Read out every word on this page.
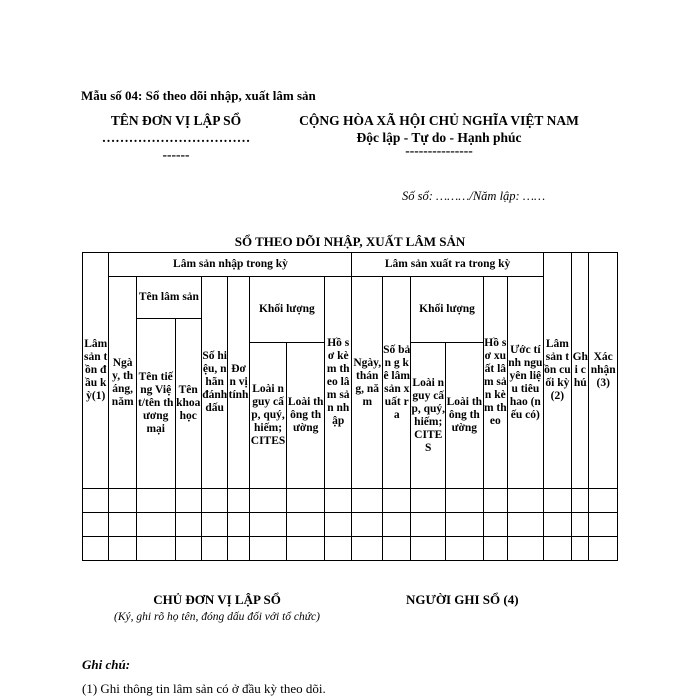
Mẫu số 04: Sổ theo dõi nhập, xuất lâm sản
TÊN ĐƠN VỊ LẬP SỔ
……………………………
------
CỘNG HÒA XÃ HỘI CHỦ NGHĨA VIỆT NAM
Độc lập - Tự do - Hạnh phúc
---------------
Số sổ: ………/Năm lập: ……
SỔ THEO DÕI NHẬP, XUẤT LÂM SẢN
Lâm sản tồn đầu kỳ(1)	Lâm sản nhập trong kỳ								Lâm sản xuất ra trong kỳ						Lâm sản tồn cuối kỳ(2)	Ghi chú	Xác nhận (3)
	Ngày, tháng, năm	Tên lâm sản		Số hiệu, nhãn đánh dấu	Đơn vị tính	Khối lượng		Hồ sơ kèm theo lâm sản nhập	Ngày, tháng, năm	Số bản g kê lâm sản xuất ra	Khối lượng		Hồ sơ xuất lâm sản kèm theo	Ước tính nguyên liệu tiêu hao (nếu có)			
		Tên tiếng Việt/tên thương mại	Tên khoa học														
						Loài nguy cấp, quý, hiếm; CITES	Loài thông thường				Loài nguy cấp, quý, hiếm; CITES	Loài thông thường					

CHỦ ĐƠN VỊ LẬP SỔ
(Ký, ghi rõ họ tên, đóng dấu đối với tổ chức)
NGƯỜI GHI SỔ (4)
Ghi chú:
(1) Ghi thông tin lâm sản có ở đầu kỳ theo dõi.
